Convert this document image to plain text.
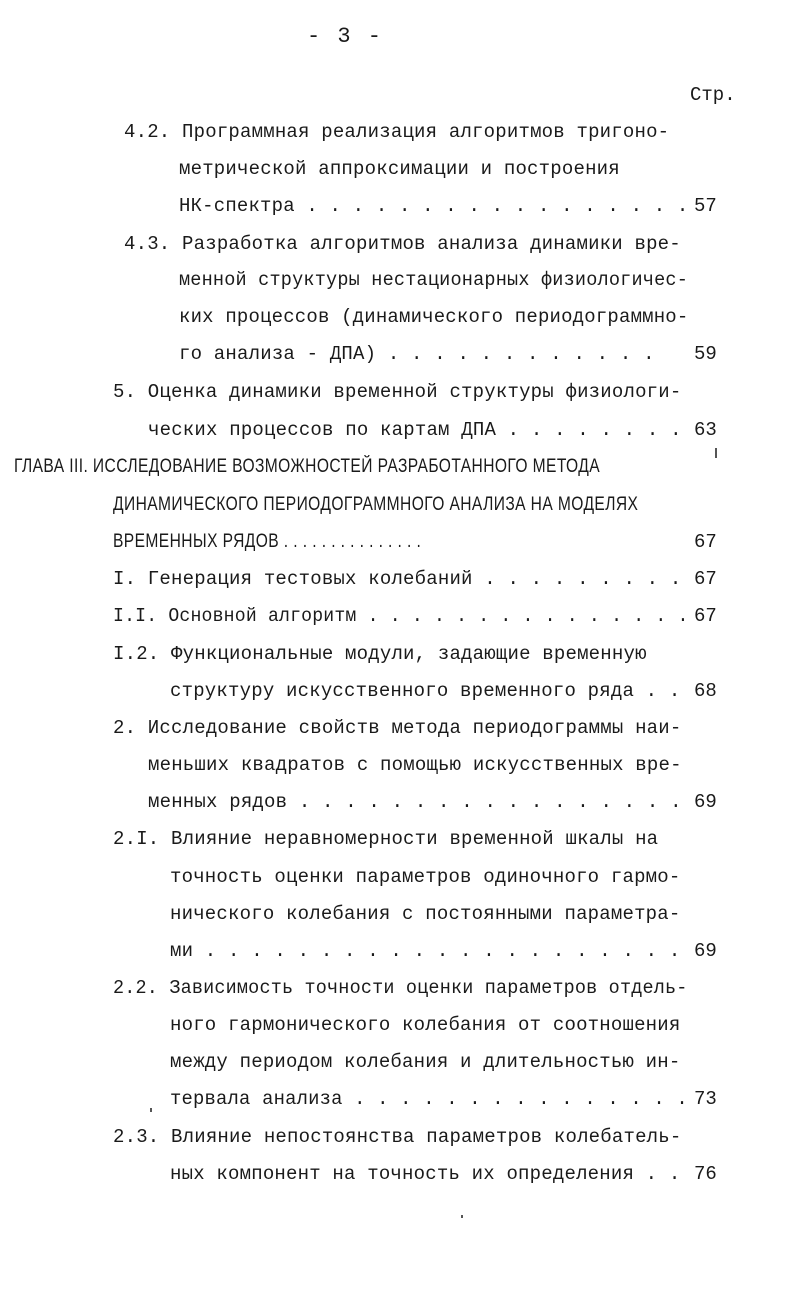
- 3 -
Стр.
4.2. Программная реализация алгоритмов тригоно-
метрической аппроксимации и построения
НК-спектра . . . . . . . . . . . . . . . . . 57
4.3. Разработка алгоритмов анализа динамики вре-
менной структуры нестационарных физиологичес-
ких процессов (динамического периодограммно-
го анализа - ДПА) . . . . . . . . . . . . 59
5. Оценка динамики временной структуры физиологи-
ческих процессов по картам ДПА . . . . . . . . 63
ГЛАВА III. ИССЛЕДОВАНИЕ ВОЗМОЖНОСТЕЙ РАЗРАБОТАННОГО МЕТОДА
ДИНАМИЧЕСКОГО ПЕРИОДОГРАММНОГО АНАЛИЗА НА МОДЕЛЯХ
ВРЕМЕННЫХ РЯДОВ . . . . . . . . . . . . . . .	67
I. Генерация тестовых колебаний . . . . . . . . . 67
I.I. Основной алгоритм . . . . . . . . . . . . . . . 67
I.2. Функциональные модули, задающие временную
структуру искусственного временного ряда . . 68
2. Исследование свойств метода периодограммы наи-
меньших квадратов с помощью искусственных вре-
менных рядов . . . . . . . . . . . . . . . . . 69
2.I. Влияние неравномерности временной шкалы на
точность оценки параметров одиночного гармо-
нического колебания с постоянными параметра-
ми . . . . . . . . . . . . . . . . . . . . . 69
2.2. Зависимость точности оценки параметров отдель-
ного гармонического колебания от соотношения
между периодом колебания и длительностью ин-
тервала анализа . . . . . . . . . . . . . . . 73
2.3. Влияние непостоянства параметров колебатель-
ных компонент на точность их определения . . 76
